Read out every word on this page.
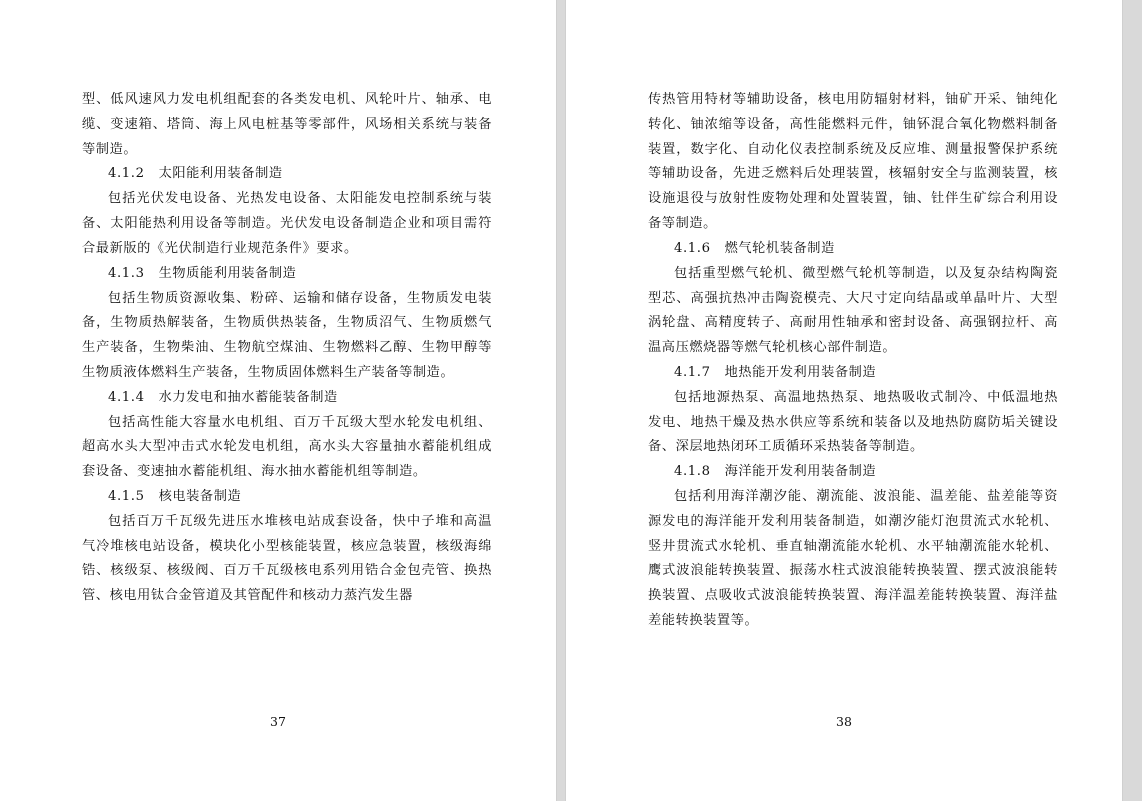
型、低风速风力发电机组配套的各类发电机、风轮叶片、轴承、电缆、变速箱、塔筒、海上风电桩基等零部件，风场相关系统与装备等制造。

4.1.2 太阳能利用装备制造

包括光伏发电设备、光热发电设备、太阳能发电控制系统与装备、太阳能热利用设备等制造。光伏发电设备制造企业和项目需符合最新版的《光伏制造行业规范条件》要求。

4.1.3 生物质能利用装备制造

包括生物质资源收集、粉碎、运输和储存设备，生物质发电装备，生物质热解装备，生物质供热装备，生物质沼气、生物质燃气生产装备，生物柴油、生物航空煤油、生物燃料乙醇、生物甲醇等生物质液体燃料生产装备，生物质固体燃料生产装备等制造。

4.1.4 水力发电和抽水蓄能装备制造

包括高性能大容量水电机组、百万千瓦级大型水轮发电机组、超高水头大型冲击式水轮发电机组，高水头大容量抽水蓄能机组成套设备、变速抽水蓄能机组、海水抽水蓄能机组等制造。

4.1.5 核电装备制造

包括百万千瓦级先进压水堆核电站成套设备，快中子堆和高温气冷堆核电站设备，模块化小型核能装置，核应急装置，核级海绵锆、核级泵、核级阀、百万千瓦级核电系列用锆合金包壳管、换热管、核电用钛合金管道及其管配件和核动力蒸汽发生器

37

传热管用特材等辅助设备，核电用防辐射材料，铀矿开采、铀纯化转化、铀浓缩等设备，高性能燃料元件，铀钚混合氧化物燃料制备装置，数字化、自动化仪表控制系统及反应堆、测量报警保护系统等辅助设备，先进乏燃料后处理装置，核辐射安全与监测装置，核设施退役与放射性废物处理和处置装置，铀、钍伴生矿综合利用设备等制造。

4.1.6 燃气轮机装备制造

包括重型燃气轮机、微型燃气轮机等制造，以及复杂结构陶瓷型芯、高强抗热冲击陶瓷模壳、大尺寸定向结晶或单晶叶片、大型涡轮盘、高精度转子、高耐用性轴承和密封设备、高强钢拉杆、高温高压燃烧器等燃气轮机核心部件制造。

4.1.7 地热能开发利用装备制造

包括地源热泵、高温地热热泵、地热吸收式制冷、中低温地热发电、地热干燥及热水供应等系统和装备以及地热防腐防垢关键设备、深层地热闭环工质循环采热装备等制造。

4.1.8 海洋能开发利用装备制造

包括利用海洋潮汐能、潮流能、波浪能、温差能、盐差能等资源发电的海洋能开发利用装备制造，如潮汐能灯泡贯流式水轮机、竖井贯流式水轮机、垂直轴潮流能水轮机、水平轴潮流能水轮机、鹰式波浪能转换装置、振荡水柱式波浪能转换装置、摆式波浪能转换装置、点吸收式波浪能转换装置、海洋温差能转换装置、海洋盐差能转换装置等。

38
